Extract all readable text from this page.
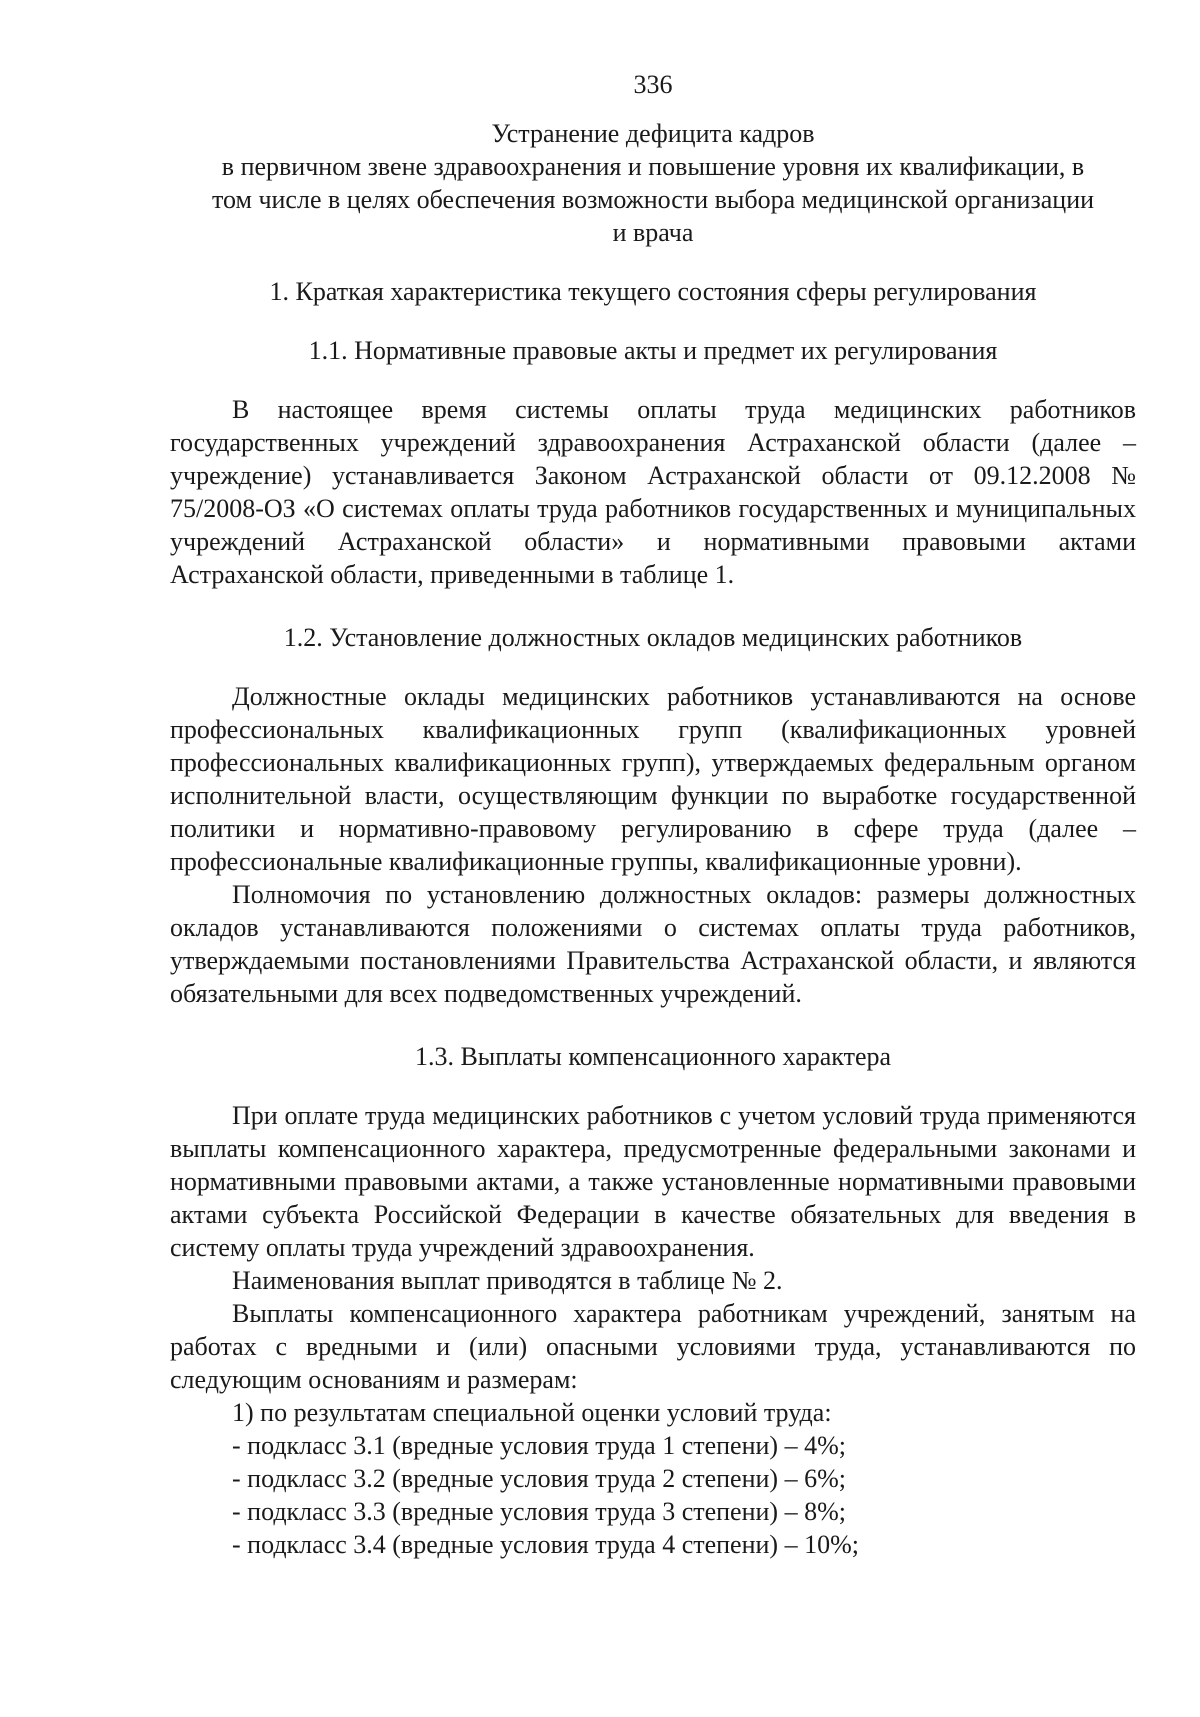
336
Устранение дефицита кадров
в первичном звене здравоохранения и повышение уровня их квалификации, в
том числе в целях обеспечения возможности выбора медицинской организации
и врача
1. Краткая характеристика текущего состояния сферы регулирования
1.1. Нормативные правовые акты и предмет их регулирования

В настоящее время системы оплаты труда медицинских работников государственных учреждений здравоохранения Астраханской области (далее – учреждение) устанавливается Законом Астраханской области от 09.12.2008 № 75/2008-ОЗ «О системах оплаты труда работников государственных и муниципальных учреждений Астраханской области» и нормативными правовыми актами Астраханской области, приведенными в таблице 1.

1.2. Установление должностных окладов медицинских работников

Должностные оклады медицинских работников устанавливаются на основе профессиональных квалификационных групп (квалификационных уровней профессиональных квалификационных групп), утверждаемых федеральным органом исполнительной власти, осуществляющим функции по выработке государственной политики и нормативно-правовому регулированию в сфере труда (далее – профессиональные квалификационные группы, квалификационные уровни).

Полномочия по установлению должностных окладов: размеры должностных окладов устанавливаются положениями о системах оплаты труда работников, утверждаемыми постановлениями Правительства Астраханской области, и являются обязательными для всех подведомственных учреждений.

1.3. Выплаты компенсационного характера

При оплате труда медицинских работников с учетом условий труда применяются выплаты компенсационного характера, предусмотренные федеральными законами и нормативными правовыми актами, а также установленные нормативными правовыми актами субъекта Российской Федерации в качестве обязательных для введения в систему оплаты труда учреждений здравоохранения.

Наименования выплат приводятся в таблице № 2.

Выплаты компенсационного характера работникам учреждений, занятым на работах с вредными и (или) опасными условиями труда, устанавливаются по следующим основаниям и размерам:

1) по результатам специальной оценки условий труда:
- подкласс 3.1 (вредные условия труда 1 степени) – 4%;
- подкласс 3.2 (вредные условия труда 2 степени) – 6%;
- подкласс 3.3 (вредные условия труда 3 степени) – 8%;
- подкласс 3.4 (вредные условия труда 4 степени) – 10%;
